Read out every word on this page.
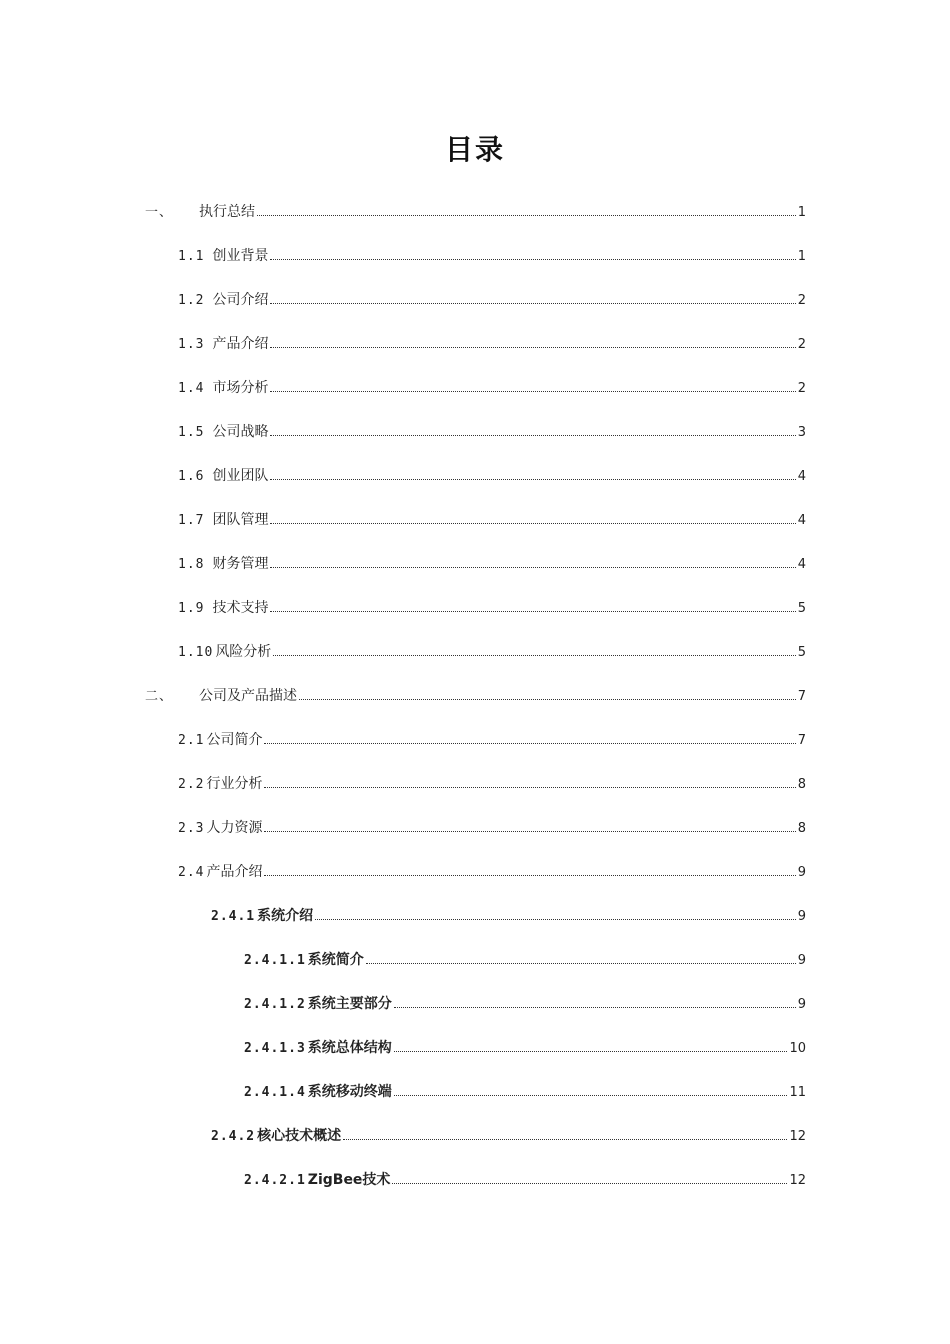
目录
一、 执行总结	1
1.1 创业背景	1
1.2 公司介绍	2
1.3 产品介绍	2
1.4 市场分析	2
1.5 公司战略	3
1.6 创业团队	4
1.7 团队管理	4
1.8 财务管理	4
1.9 技术支持	5
1.10 风险分析	5
二、 公司及产品描述	7
2.1 公司简介	7
2.2 行业分析	8
2.3 人力资源	8
2.4 产品介绍	9
2.4.1 系统介绍	9
2.4.1.1 系统简介	9
2.4.1.2 系统主要部分	9
2.4.1.3 系统总体结构	10
2.4.1.4 系统移动终端	11
2.4.2 核心技术概述	12
2.4.2.1 ZigBee技术	12
